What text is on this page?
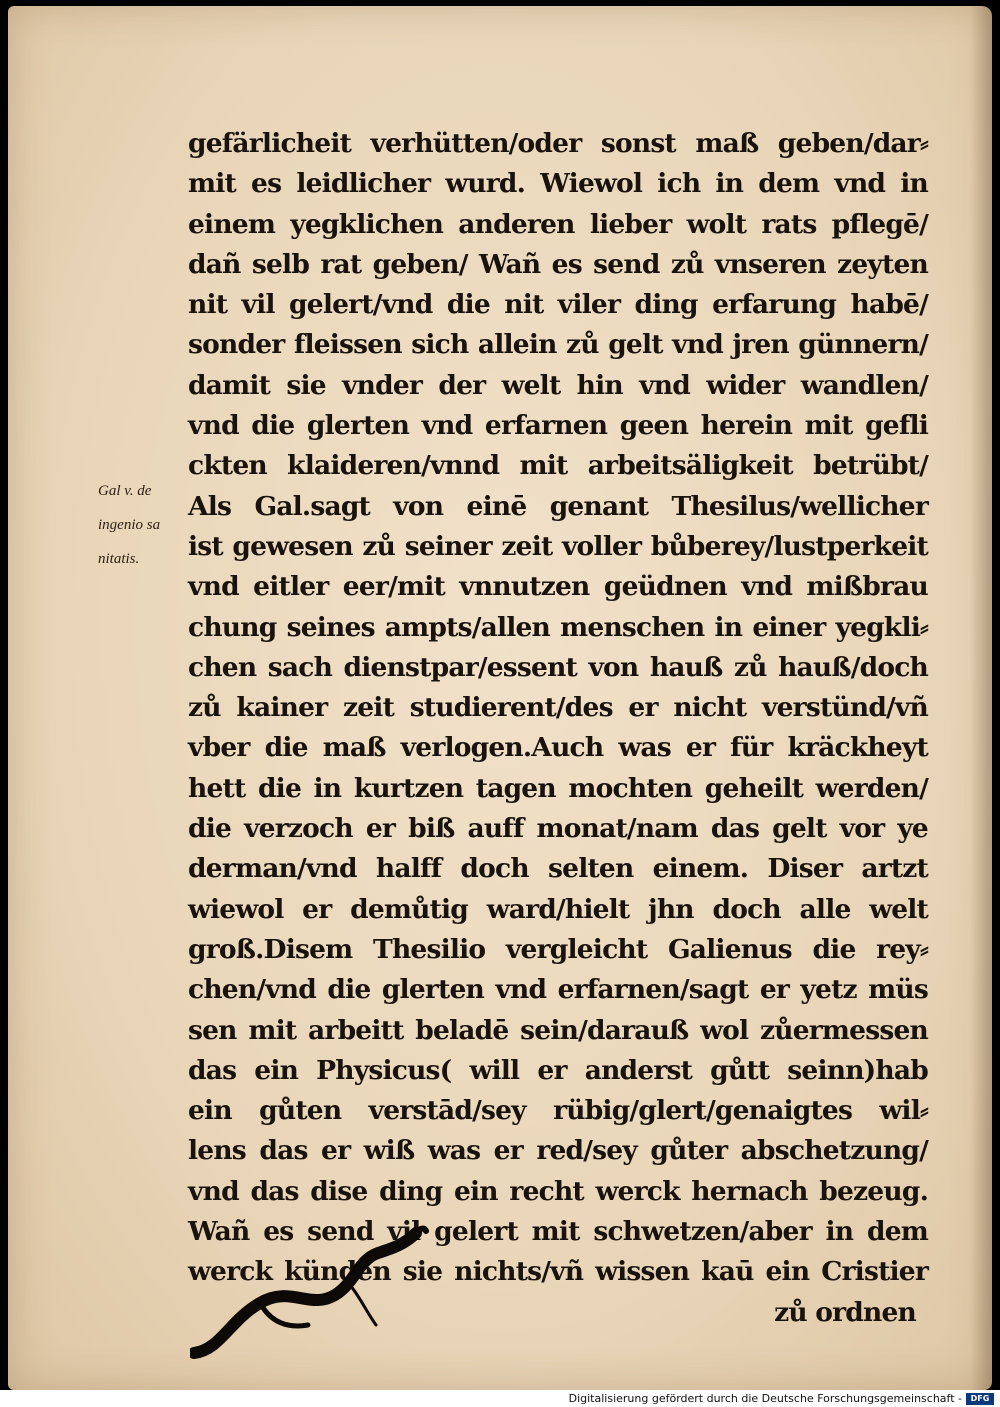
Gal v. de
ingenio sa
nitatis.
gefärlicheit verhütten/oder sonst maß geben/dar⸗
mit es leidlicher wurd. Wiewol ich in dem vnd in
einem yegklichen anderen lieber wolt rats pflegē/
dañ selb rat geben/ Wañ es send zů vnseren zeyten
nit vil gelert/vnd die nit viler ding erfarung habē/
sonder fleissen sich allein zů gelt vnd jren günnern/
damit sie vnder der welt hin vnd wider wandlen/
vnd die glerten vnd erfarnen geen herein mit gefli
ckten klaideren/vnnd mit arbeitsäligkeit betrübt/
Als Gal.sagt von einē genant Thesilus/wellicher
ist gewesen zů seiner zeit voller bůberey/lustperkeit
vnd eitler eer/mit vnnutzen geüdnen vnd mißbrau
chung seines ampts/allen menschen in einer yegkli⸗
chen sach dienstpar/essent von hauß zů hauß/doch
zů kainer zeit studierent/des er nicht verstünd/vñ
vber die maß verlogen.Auch was er für kräckheyt
hett die in kurtzen tagen mochten geheilt werden/
die verzoch er biß auff monat/nam das gelt vor ye
derman/vnd halff doch selten einem. Diser artzt
wiewol er demůtig ward/hielt jhn doch alle welt
groß.Disem Thesilio vergleicht Galienus die rey⸗
chen/vnd die glerten vnd erfarnen/sagt er yetz müs
sen mit arbeitt beladē sein/darauß wol zůermessen
das ein Physicus( will er anderst gůtt seinn)hab
ein gůten verstād/sey rübig/glert/genaigtes wil⸗
lens das er wiß was er red/sey gůter abschetzung/
vnd das dise ding ein recht werck hernach bezeug.
Wañ es send vil gelert mit schwetzen/aber in dem
werck künden sie nichts/vñ wissen kaū ein Cristier
zů ordnen
Digitalisierung gefördert durch die Deutsche Forschungsgemeinschaft -	DFG
